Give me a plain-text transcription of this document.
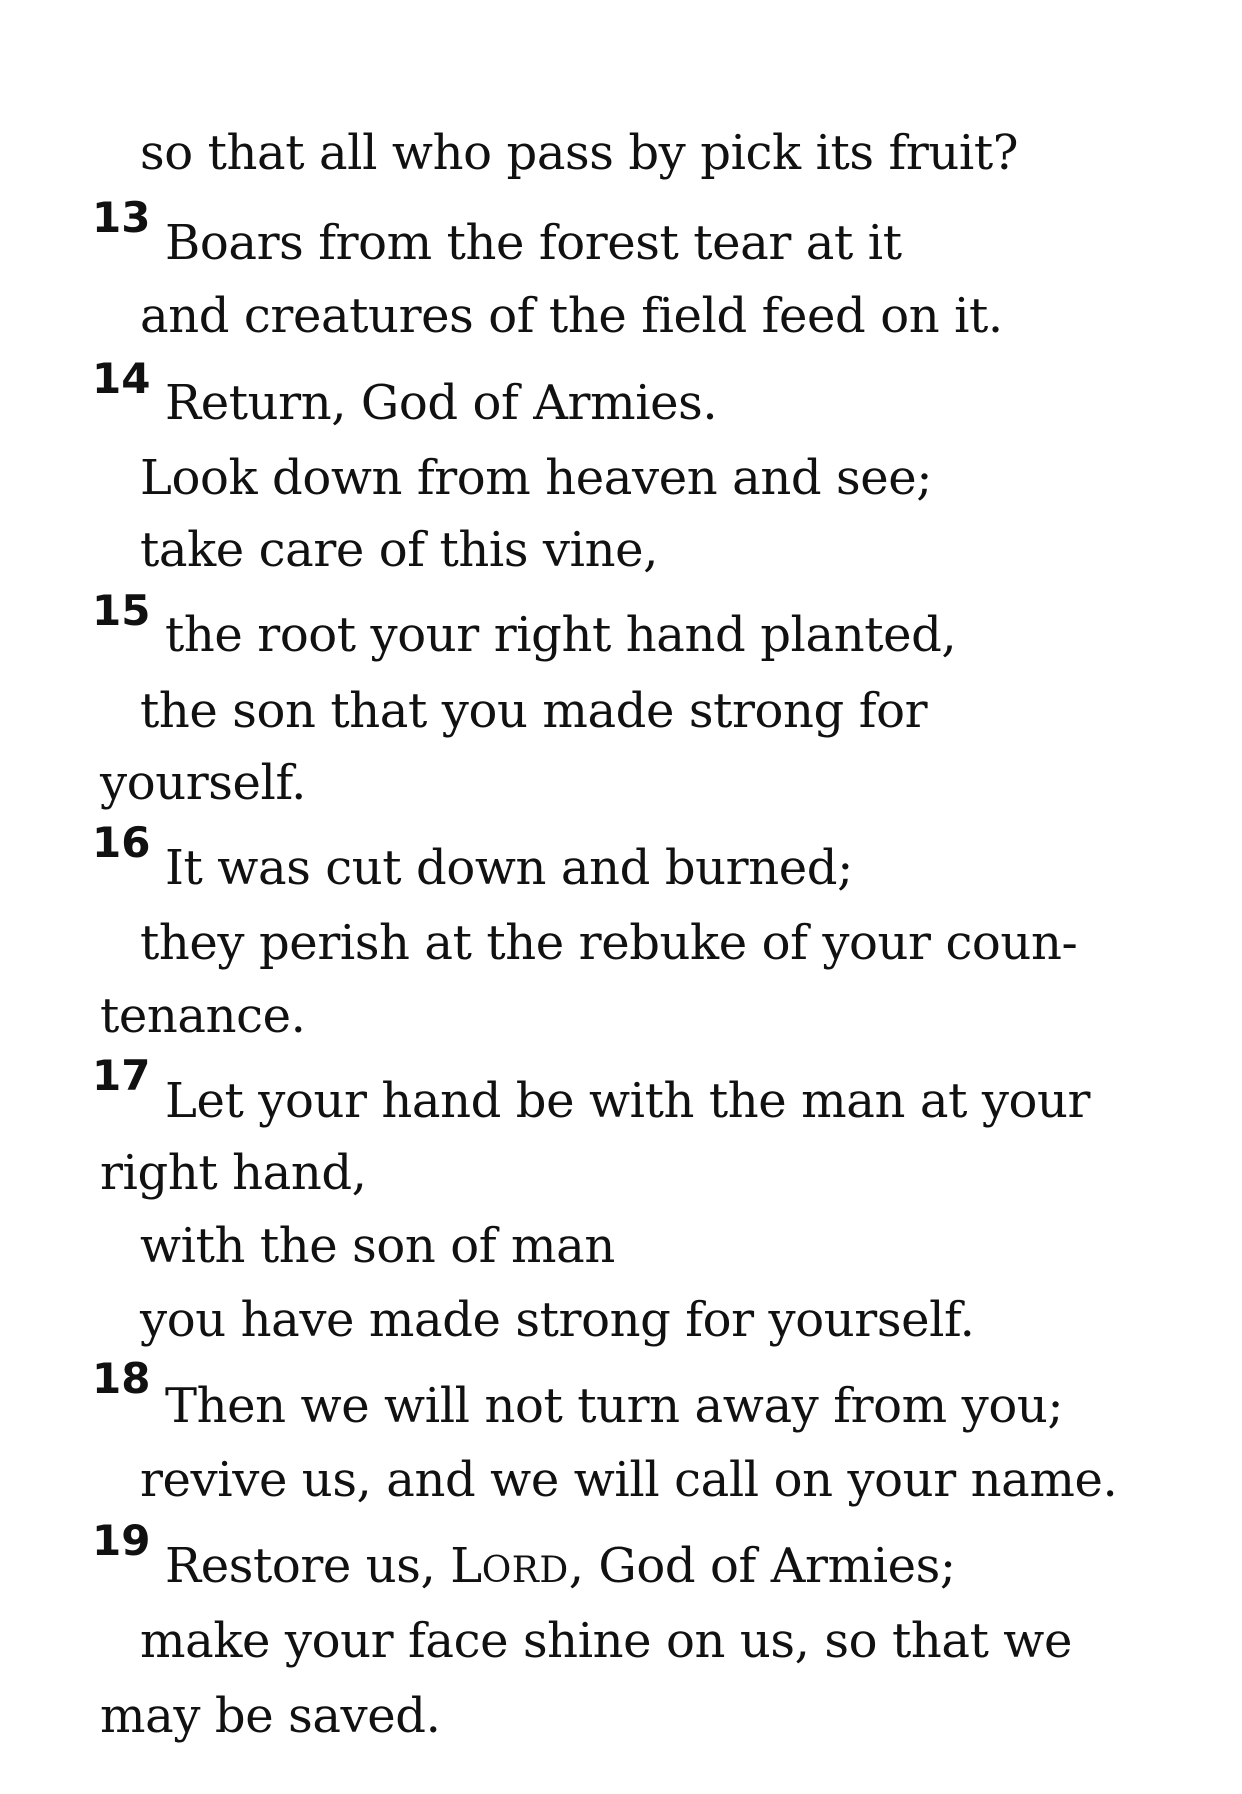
so that all who pass by pick its fruit?
13 Boars from the forest tear at it
and creatures of the field feed on it.
14 Return, God of Armies.
Look down from heaven and see;
take care of this vine,
15 the root your right hand planted,
the son that you made strong for
yourself.
16 It was cut down and burned;
they perish at the rebuke of your coun-
tenance.
17 Let your hand be with the man at your
right hand,
with the son of man
you have made strong for yourself.
18 Then we will not turn away from you;
revive us, and we will call on your name.
19 Restore us, LORD, God of Armies;
make your face shine on us, so that we
may be saved.
